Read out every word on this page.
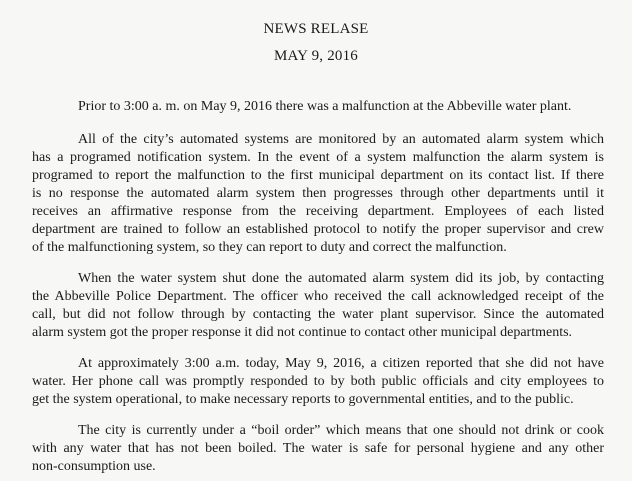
NEWS RELASE
MAY 9, 2016
Prior to 3:00 a. m. on May 9, 2016 there was a malfunction at the Abbeville water plant.
All of the city’s automated systems are monitored by an automated alarm system which
has a programed notification system. In the event of a system malfunction the alarm system is
programed to report the malfunction to the first municipal department on its contact list. If there
is no response the automated alarm system then progresses through other departments until it
receives an affirmative response from the receiving department. Employees of each listed
department are trained to follow an established protocol to notify the proper supervisor and crew
of the malfunctioning system, so they can report to duty and correct the malfunction.
When the water system shut done the automated alarm system did its job, by contacting
the Abbeville Police Department. The officer who received the call acknowledged receipt of the
call, but did not follow through by contacting the water plant supervisor. Since the automated
alarm system got the proper response it did not continue to contact other municipal departments.
At approximately 3:00 a.m. today, May 9, 2016, a citizen reported that she did not have
water. Her phone call was promptly responded to by both public officials and city employees to
get the system operational, to make necessary reports to governmental entities, and to the public.
The city is currently under a “boil order” which means that one should not drink or cook
with any water that has not been boiled. The water is safe for personal hygiene and any other
non-consumption use.
